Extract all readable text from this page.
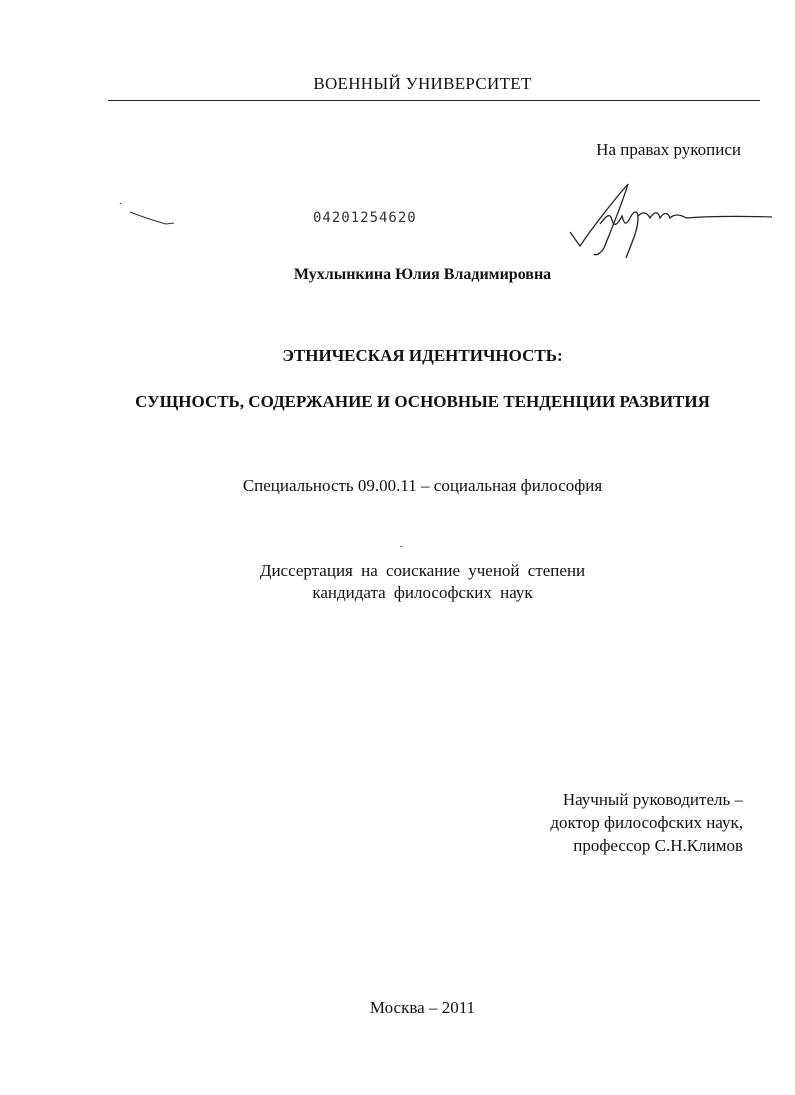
ВОЕННЫЙ УНИВЕРСИТЕТ
На правах рукописи
04201254620
Мухлынкина Юлия Владимировна
ЭТНИЧЕСКАЯ ИДЕНТИЧНОСТЬ:
СУЩНОСТЬ, СОДЕРЖАНИЕ И ОСНОВНЫЕ ТЕНДЕНЦИИ РАЗВИТИЯ
Специальность 09.00.11 – социальная философия
Диссертация на соискание ученой степени
кандидата философских наук
Научный руководитель –
доктор философских наук,
профессор С.Н.Климов
Москва – 2011
